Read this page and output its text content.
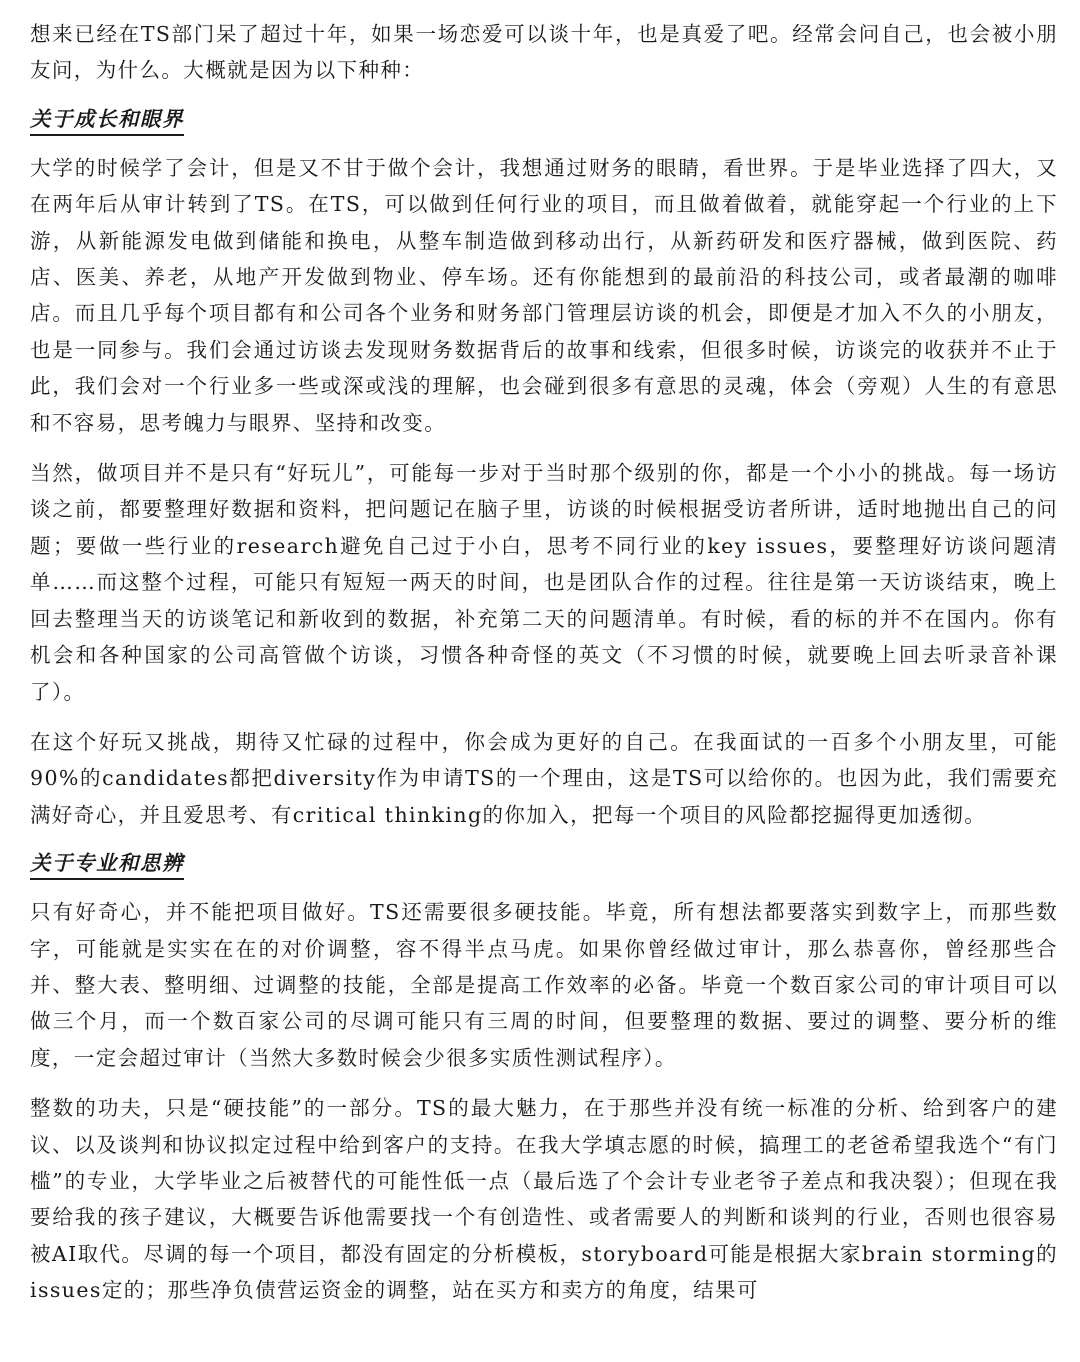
想来已经在TS部门呆了超过十年，如果一场恋爱可以谈十年，也是真爱了吧。经常会问自己，也会被小朋友问，为什么。大概就是因为以下种种：

关于成长和眼界

大学的时候学了会计，但是又不甘于做个会计，我想通过财务的眼睛，看世界。于是毕业选择了四大，又在两年后从审计转到了TS。在TS，可以做到任何行业的项目，而且做着做着，就能穿起一个行业的上下游，从新能源发电做到储能和换电，从整车制造做到移动出行，从新药研发和医疗器械，做到医院、药店、医美、养老，从地产开发做到物业、停车场。还有你能想到的最前沿的科技公司，或者最潮的咖啡店。而且几乎每个项目都有和公司各个业务和财务部门管理层访谈的机会，即便是才加入不久的小朋友，也是一同参与。我们会通过访谈去发现财务数据背后的故事和线索，但很多时候，访谈完的收获并不止于此，我们会对一个行业多一些或深或浅的理解，也会碰到很多有意思的灵魂，体会（旁观）人生的有意思和不容易，思考魄力与眼界、坚持和改变。

当然，做项目并不是只有“好玩儿”，可能每一步对于当时那个级别的你，都是一个小小的挑战。每一场访谈之前，都要整理好数据和资料，把问题记在脑子里，访谈的时候根据受访者所讲，适时地抛出自己的问题；要做一些行业的research避免自己过于小白，思考不同行业的key issues，要整理好访谈问题清单……而这整个过程，可能只有短短一两天的时间，也是团队合作的过程。往往是第一天访谈结束，晚上回去整理当天的访谈笔记和新收到的数据，补充第二天的问题清单。有时候，看的标的并不在国内。你有机会和各种国家的公司高管做个访谈，习惯各种奇怪的英文（不习惯的时候，就要晚上回去听录音补课了）。

在这个好玩又挑战，期待又忙碌的过程中，你会成为更好的自己。在我面试的一百多个小朋友里，可能90%的candidates都把diversity作为申请TS的一个理由，这是TS可以给你的。也因为此，我们需要充满好奇心，并且爱思考、有critical thinking的你加入，把每一个项目的风险都挖掘得更加透彻。

关于专业和思辨

只有好奇心，并不能把项目做好。TS还需要很多硬技能。毕竟，所有想法都要落实到数字上，而那些数字，可能就是实实在在的对价调整，容不得半点马虎。如果你曾经做过审计，那么恭喜你，曾经那些合并、整大表、整明细、过调整的技能，全部是提高工作效率的必备。毕竟一个数百家公司的审计项目可以做三个月，而一个数百家公司的尽调可能只有三周的时间，但要整理的数据、要过的调整、要分析的维度，一定会超过审计（当然大多数时候会少很多实质性测试程序）。

整数的功夫，只是“硬技能”的一部分。TS的最大魅力，在于那些并没有统一标准的分析、给到客户的建议、以及谈判和协议拟定过程中给到客户的支持。在我大学填志愿的时候，搞理工的老爸希望我选个“有门槛”的专业，大学毕业之后被替代的可能性低一点（最后选了个会计专业老爷子差点和我决裂）；但现在我要给我的孩子建议，大概要告诉他需要找一个有创造性、或者需要人的判断和谈判的行业，否则也很容易被AI取代。尽调的每一个项目，都没有固定的分析模板，storyboard可能是根据大家brain storming的issues定的；那些净负债营运资金的调整，站在买方和卖方的角度，结果可
